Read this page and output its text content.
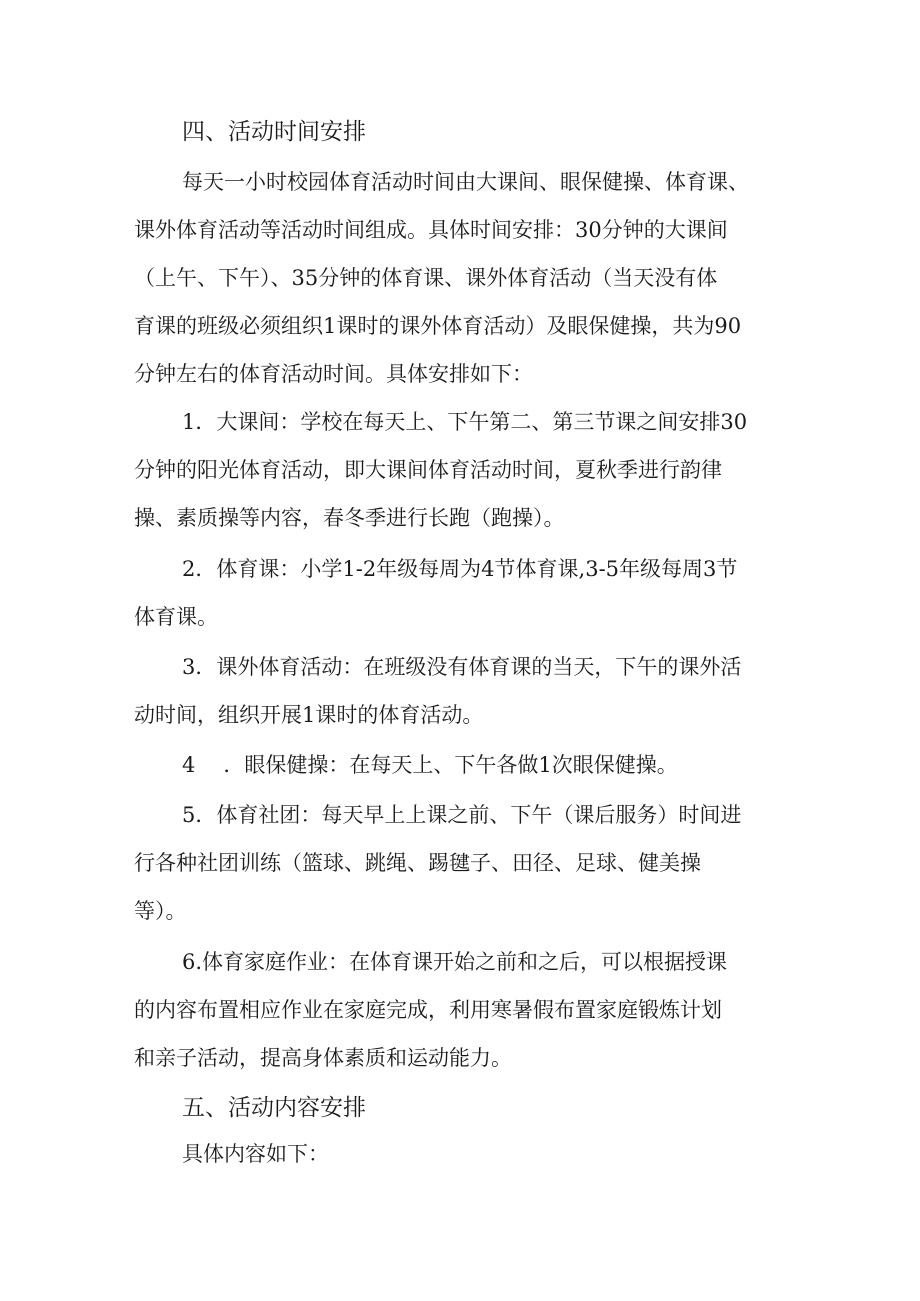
四、活动时间安排
每天一小时校园体育活动时间由大课间、眼保健操、体育课、
课外体育活动等活动时间组成。具体时间安排：30分钟的大课间
（上午、下午）、35分钟的体育课、课外体育活动（当天没有体
育课的班级必须组织1课时的课外体育活动）及眼保健操，共为90
分钟左右的体育活动时间。具体安排如下：
1．大课间：学校在每天上、下午第二、第三节课之间安排30
分钟的阳光体育活动，即大课间体育活动时间，夏秋季进行韵律
操、素质操等内容，春冬季进行长跑（跑操）。
2．体育课：小学1-2年级每周为4节体育课,3-5年级每周3节
体育课。
3．课外体育活动：在班级没有体育课的当天，下午的课外活
动时间，组织开展1课时的体育活动。
4 ．眼保健操：在每天上、下午各做1次眼保健操。
5．体育社团：每天早上上课之前、下午（课后服务）时间进
行各种社团训练（篮球、跳绳、踢毽子、田径、足球、健美操
等）。
6.体育家庭作业：在体育课开始之前和之后，可以根据授课
的内容布置相应作业在家庭完成，利用寒暑假布置家庭锻炼计划
和亲子活动，提高身体素质和运动能力。
五、活动内容安排
具体内容如下：
